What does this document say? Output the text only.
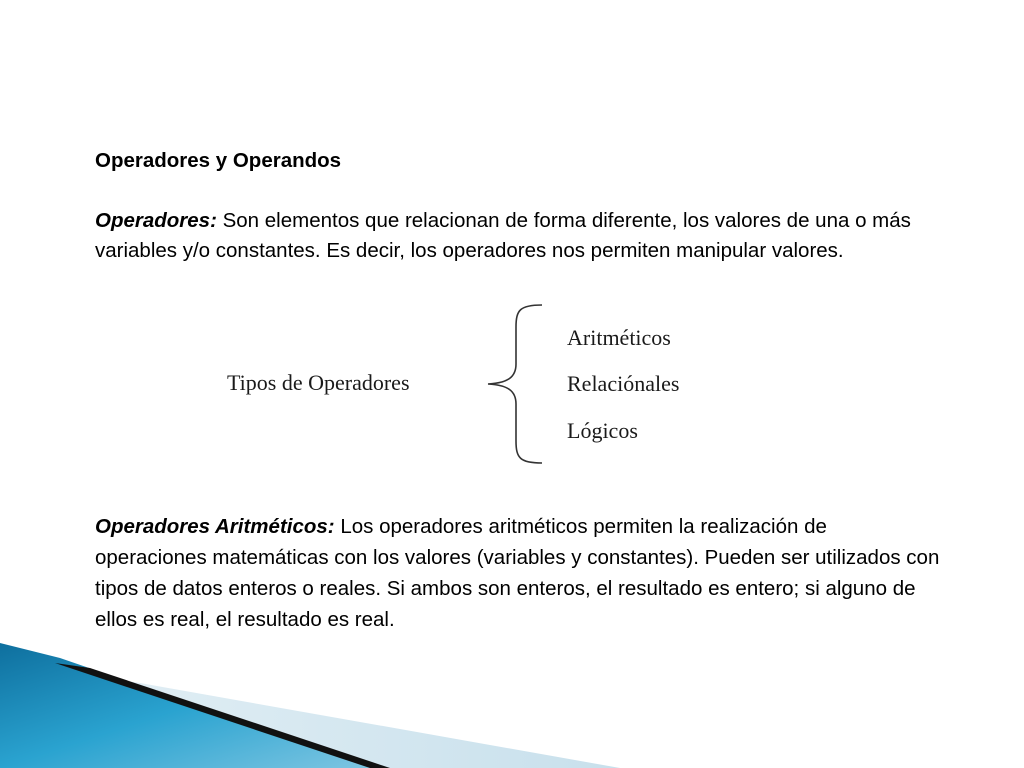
Operadores y Operandos

Operadores: Son elementos que relacionan de forma diferente, los valores de una o más variables y/o constantes. Es decir, los operadores nos permiten manipular valores.

Tipos de Operadores
Aritméticos
Relaciónales
Lógicos

Operadores Aritméticos: Los operadores aritméticos permiten la realización de operaciones matemáticas con los valores (variables y constantes). Pueden ser utilizados con tipos de datos enteros o reales. Si ambos son enteros, el resultado es entero; si alguno de ellos es real, el resultado es real.
